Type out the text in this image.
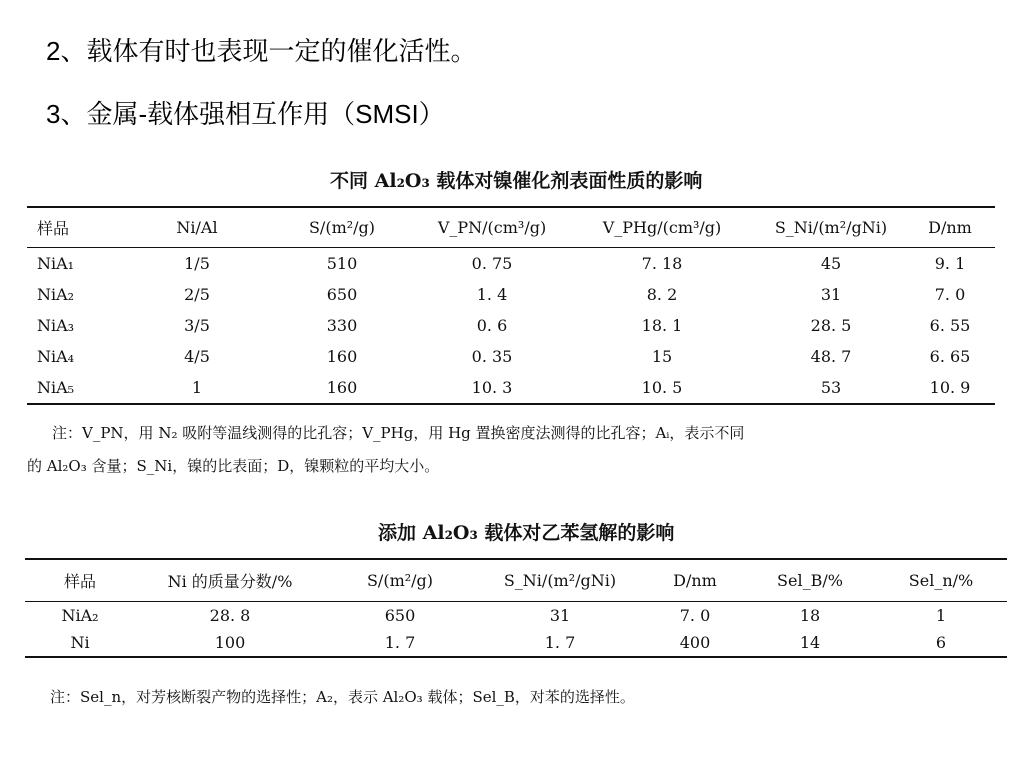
2、载体有时也表现一定的催化活性。
3、金属-载体强相互作用（SMSI）
不同 Al₂O₃ 载体对镍催化剂表面性质的影响
样品	Ni/Al	S/(m²/g)	V_PN/(cm³/g)	V_PHg/(cm³/g)	S_Ni/(m²/gNi)	D/nm
NiA₁	1/5	510	0. 75	7. 18	45	9. 1
NiA₂	2/5	650	1. 4	8. 2	31	7. 0
NiA₃	3/5	330	0. 6	18. 1	28. 5	6. 55
NiA₄	4/5	160	0. 35	15	48. 7	6. 65
NiA₅	1	160	10. 3	10. 5	53	10. 9
注：V_PN，用 N₂ 吸附等温线测得的比孔容；V_PHg，用 Hg 置换密度法测得的比孔容；Aᵢ，表示不同
的 Al₂O₃ 含量；S_Ni，镍的比表面；D，镍颗粒的平均大小。
添加 Al₂O₃ 载体对乙苯氢解的影响
样品	Ni 的质量分数/%	S/(m²/g)	S_Ni/(m²/gNi)	D/nm	Sel_B/%	Sel_n/%
NiA₂	28. 8	650	31	7. 0	18	1
Ni	100	1. 7	1. 7	400	14	6
注：Sel_n，对芳核断裂产物的选择性；A₂，表示 Al₂O₃ 载体；Sel_B，对苯的选择性。
